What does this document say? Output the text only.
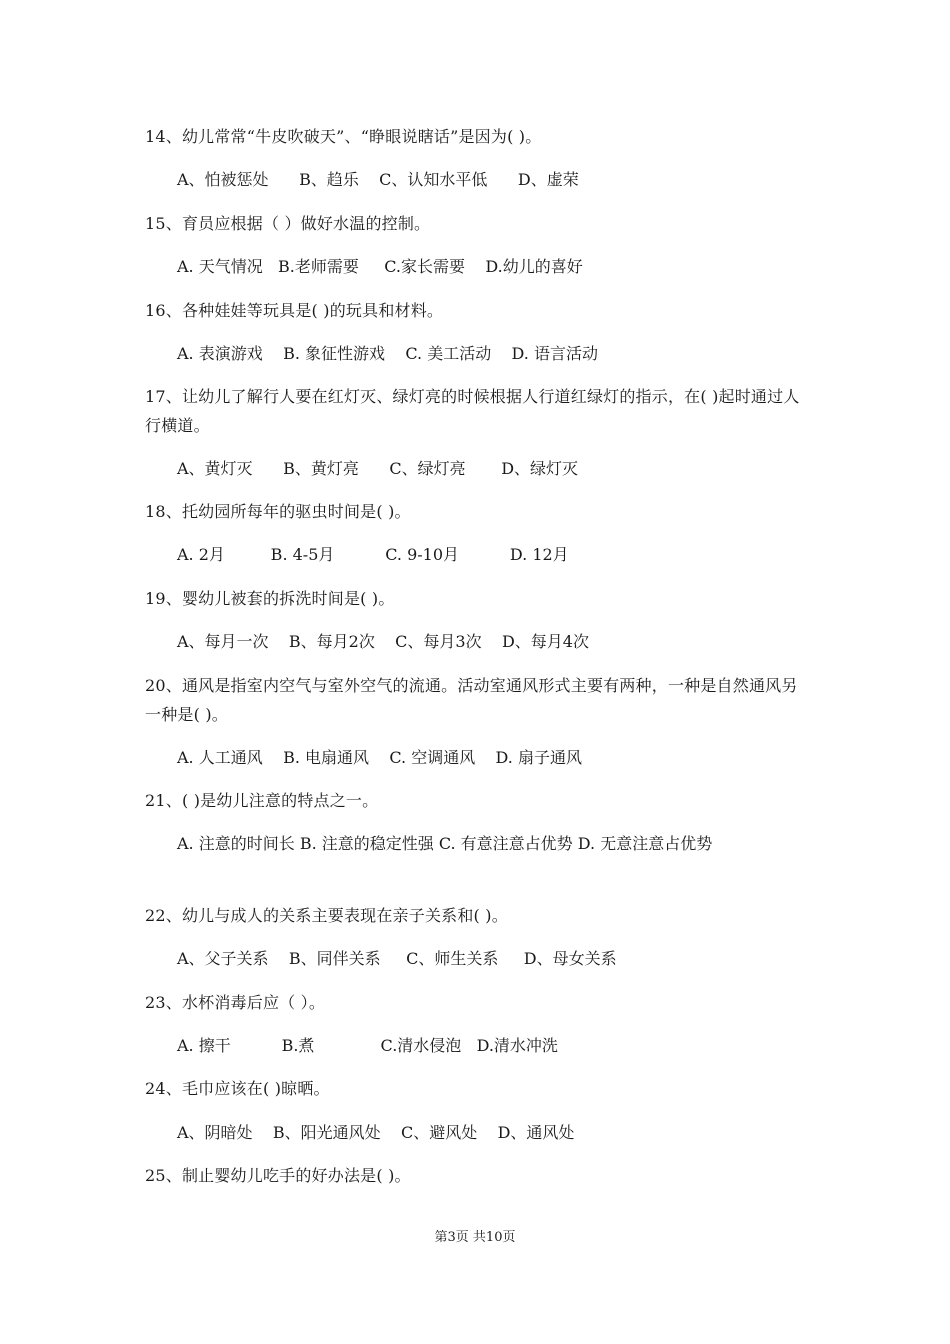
14、幼儿常常“牛皮吹破天”、“睁眼说瞎话”是因为( )。
A、怕被惩处      B、趋乐    C、认知水平低      D、虚荣
15、育员应根据（ ）做好水温的控制。
A. 天气情况   B.老师需要     C.家长需要    D.幼儿的喜好
16、各种娃娃等玩具是( )的玩具和材料。
A. 表演游戏    B. 象征性游戏    C. 美工活动    D. 语言活动
17、让幼儿了解行人要在红灯灭、绿灯亮的时候根据人行道红绿灯的指示，在( )起时通过人行横道。
A、黄灯灭      B、黄灯亮      C、绿灯亮       D、绿灯灭
18、托幼园所每年的驱虫时间是( )。
A. 2月         B. 4-5月          C. 9-10月          D. 12月
19、婴幼儿被套的拆洗时间是( )。
A、每月一次    B、每月2次    C、每月3次    D、每月4次
20、通风是指室内空气与室外空气的流通。活动室通风形式主要有两种，一种是自然通风另一种是( )。
A. 人工通风    B. 电扇通风    C. 空调通风    D. 扇子通风
21、( )是幼儿注意的特点之一。
A. 注意的时间长 B. 注意的稳定性强 C. 有意注意占优势 D. 无意注意占优势
22、幼儿与成人的关系主要表现在亲子关系和( )。
A、父子关系    B、同伴关系     C、师生关系     D、母女关系
23、水杯消毒后应（ ）。
A. 擦干          B.煮             C.清水侵泡   D.清水冲洗
24、毛巾应该在( )晾晒。
A、阴暗处    B、阳光通风处    C、避风处    D、通风处
25、制止婴幼儿吃手的好办法是( )。
第3页 共10页
